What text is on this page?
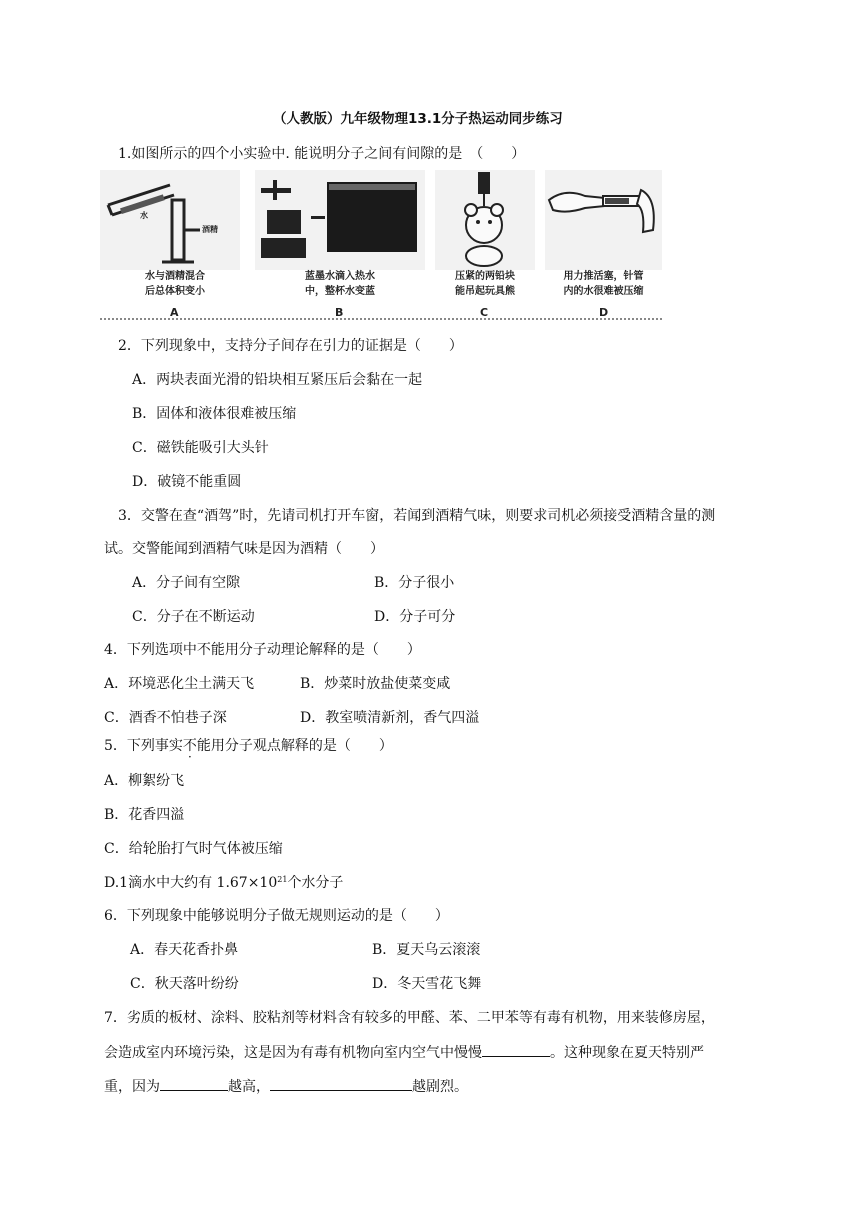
（人教版）九年级物理13.1分子热运动同步练习
1.如图所示的四个小实验中. 能说明分子之间有间隙的是　（　　）
水
酒精
水与酒精混合
后总体积变小
A
蓝墨水滴入热水
中，整杯水变蓝
B
压紧的两铅块
能吊起玩具熊
C
用力推活塞，针管
内的水很难被压缩
D
2．下列现象中，支持分子间存在引力的证据是（　　）
A．两块表面光滑的铅块相互紧压后会黏在一起
B．固体和液体很难被压缩
C．磁铁能吸引大头针
D．破镜不能重圆
3．交警在查“酒驾”时，先请司机打开车窗，若闻到酒精气味，则要求司机必须接受酒精含量的测
试。交警能闻到酒精气味是因为酒精（　　）
A．分子间有空隙	B．分子很小
C．分子在不断运动	D．分子可分
4．下列选项中不能用分子动理论解释的是（　　）
A．环境恶化尘土满天飞	B．炒菜时放盐使菜变咸
C．酒香不怕巷子深	D．教室喷清新剂，香气四溢
5．下列事实不能用分子观点解释的是（　　）
A．柳絮纷飞
B．花香四溢
C．给轮胎打气时气体被压缩
D.1滴水中大约有 $1.67\times 10^{21}$个水分子
6．下列现象中能够说明分子做无规则运动的是（　　）
A．春天花香扑鼻	B．夏天乌云滚滚
C．秋天落叶纷纷	D．冬天雪花飞舞
7．劣质的板材、涂料、胶粘剂等材料含有较多的甲醛、苯、二甲苯等有毒有机物，用来装修房屋，
会造成室内环境污染，这是因为有毒有机物向室内空气中慢慢	。这种现象在夏天特别严
重，因为	越高，	越剧烈。
